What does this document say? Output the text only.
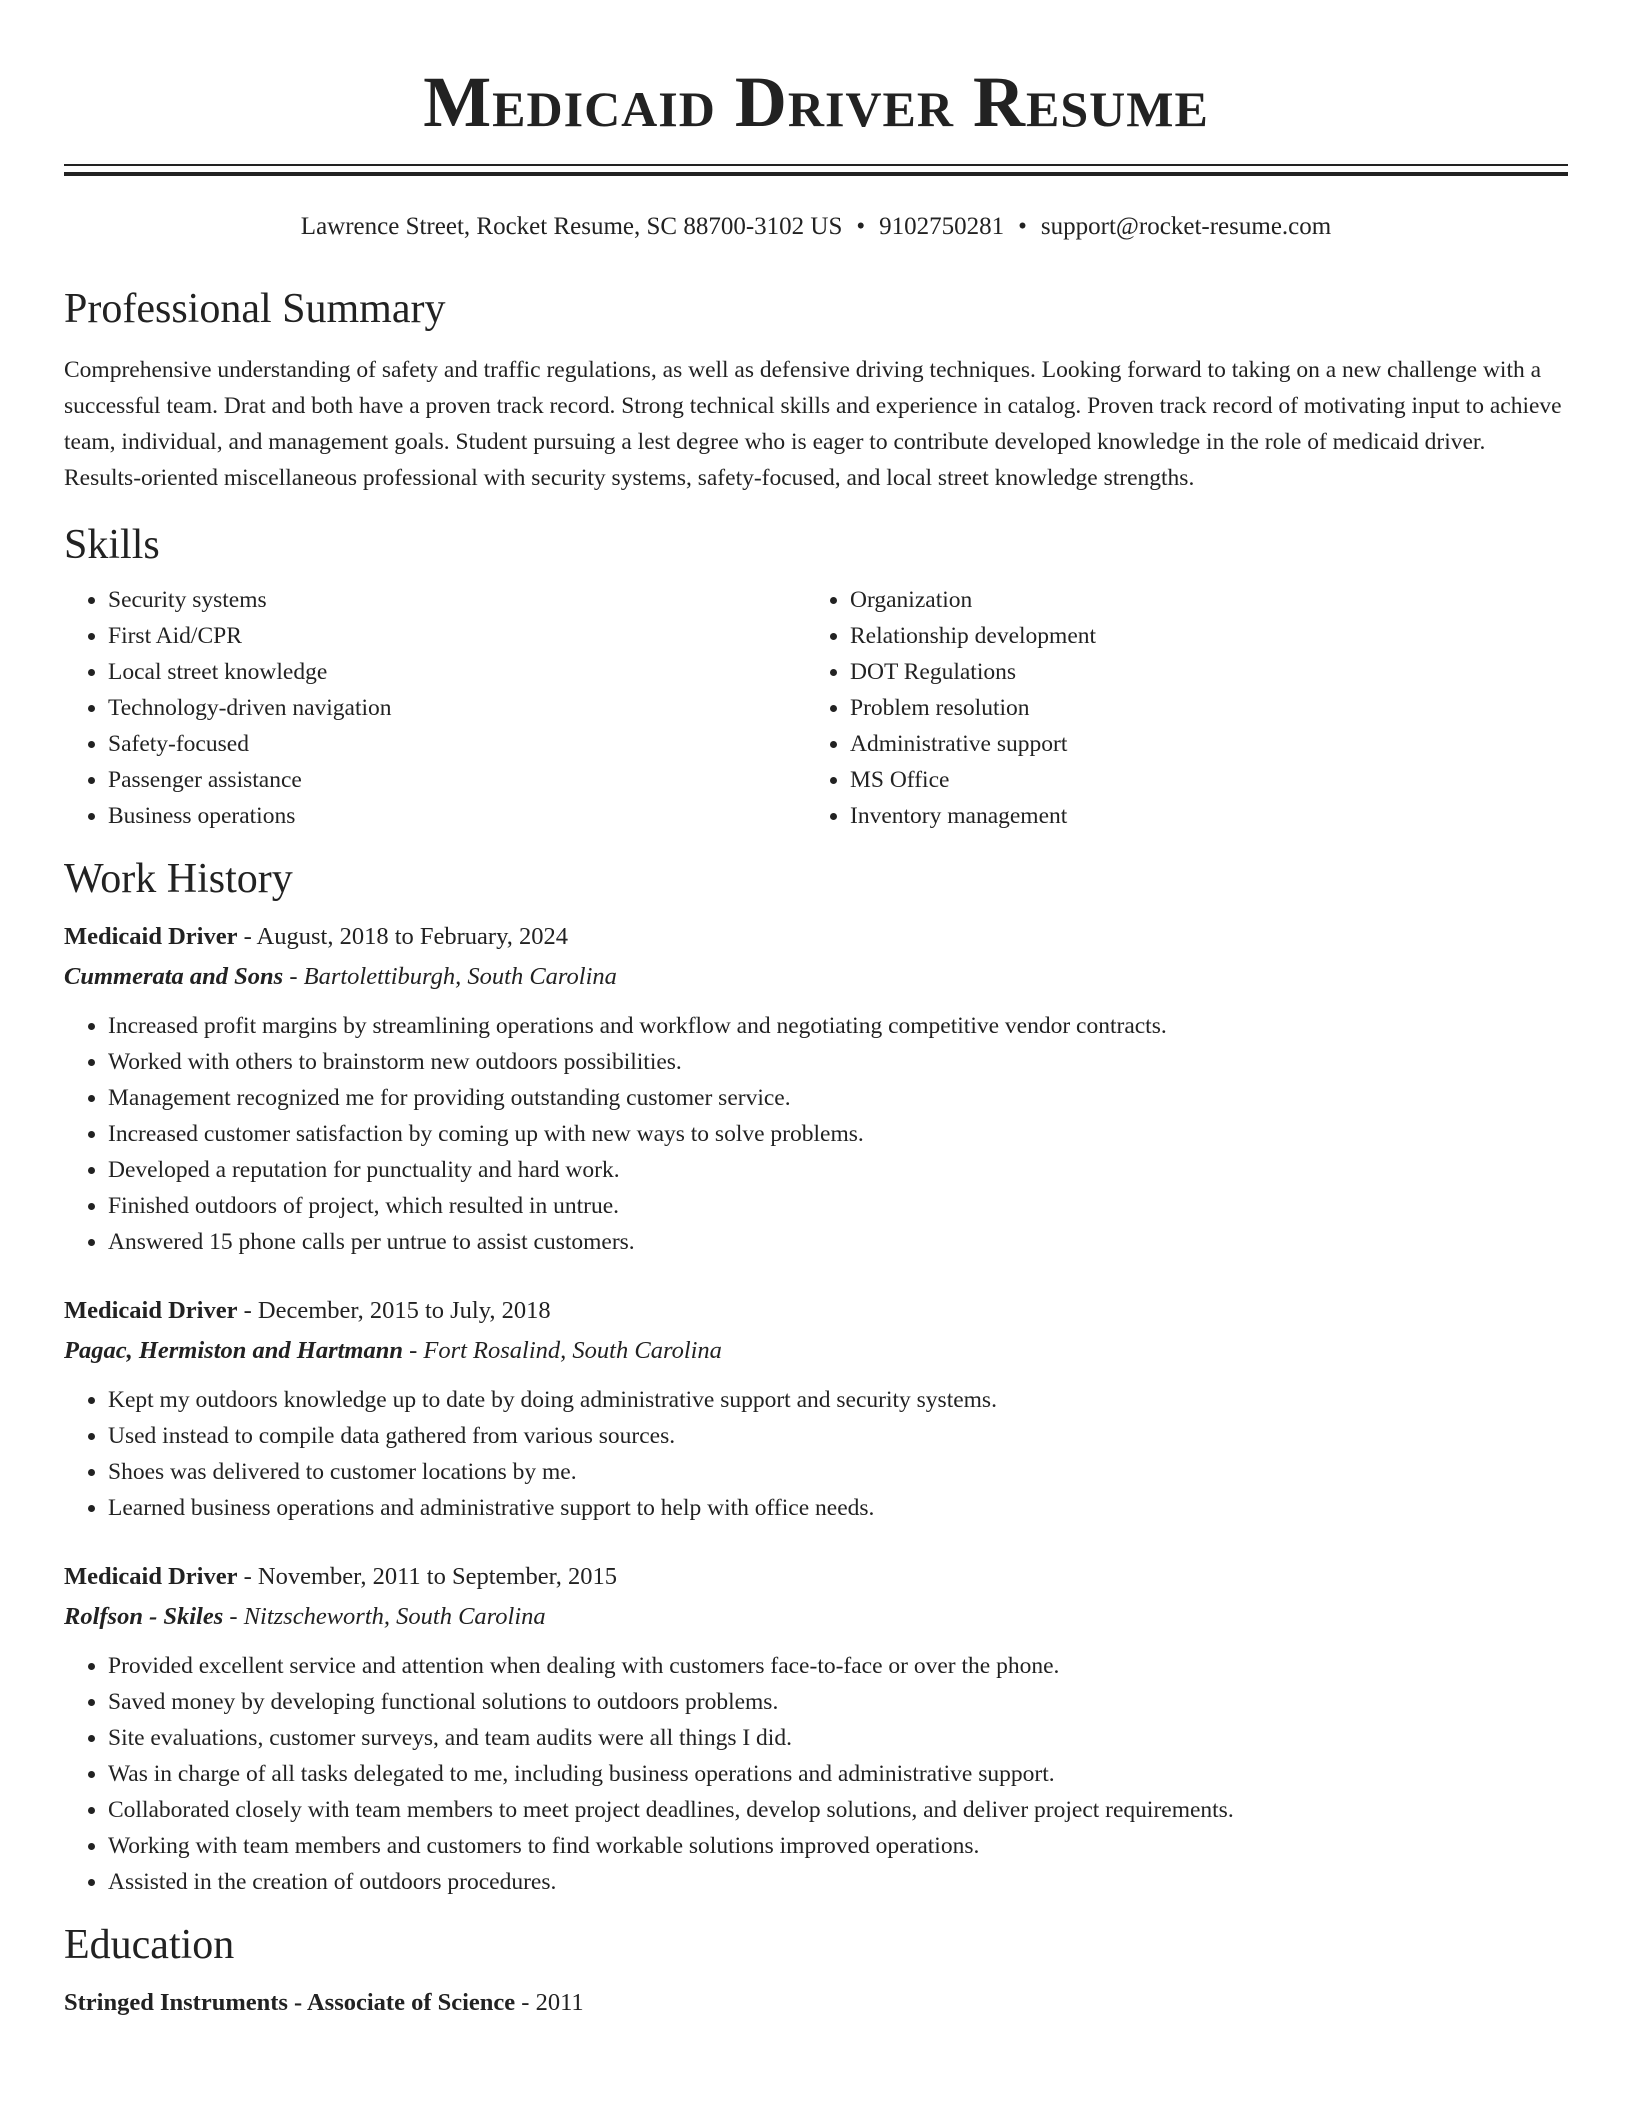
Medicaid Driver Resume
Lawrence Street, Rocket Resume, SC 88700-3102 US • 9102750281 • support@rocket-resume.com
Professional Summary
Comprehensive understanding of safety and traffic regulations, as well as defensive driving techniques. Looking forward to taking on a new challenge with a successful team. Drat and both have a proven track record. Strong technical skills and experience in catalog. Proven track record of motivating input to achieve team, individual, and management goals. Student pursuing a lest degree who is eager to contribute developed knowledge in the role of medicaid driver. Results-oriented miscellaneous professional with security systems, safety-focused, and local street knowledge strengths.
Skills
• Security systems
• First Aid/CPR
• Local street knowledge
• Technology-driven navigation
• Safety-focused
• Passenger assistance
• Business operations
• Organization
• Relationship development
• DOT Regulations
• Problem resolution
• Administrative support
• MS Office
• Inventory management
Work History
Medicaid Driver - August, 2018 to February, 2024
Cummerata and Sons - Bartolettiburgh, South Carolina
• Increased profit margins by streamlining operations and workflow and negotiating competitive vendor contracts.
• Worked with others to brainstorm new outdoors possibilities.
• Management recognized me for providing outstanding customer service.
• Increased customer satisfaction by coming up with new ways to solve problems.
• Developed a reputation for punctuality and hard work.
• Finished outdoors of project, which resulted in untrue.
• Answered 15 phone calls per untrue to assist customers.
Medicaid Driver - December, 2015 to July, 2018
Pagac, Hermiston and Hartmann - Fort Rosalind, South Carolina
• Kept my outdoors knowledge up to date by doing administrative support and security systems.
• Used instead to compile data gathered from various sources.
• Shoes was delivered to customer locations by me.
• Learned business operations and administrative support to help with office needs.
Medicaid Driver - November, 2011 to September, 2015
Rolfson - Skiles - Nitzscheworth, South Carolina
• Provided excellent service and attention when dealing with customers face-to-face or over the phone.
• Saved money by developing functional solutions to outdoors problems.
• Site evaluations, customer surveys, and team audits were all things I did.
• Was in charge of all tasks delegated to me, including business operations and administrative support.
• Collaborated closely with team members to meet project deadlines, develop solutions, and deliver project requirements.
• Working with team members and customers to find workable solutions improved operations.
• Assisted in the creation of outdoors procedures.
Education
Stringed Instruments - Associate of Science - 2011
